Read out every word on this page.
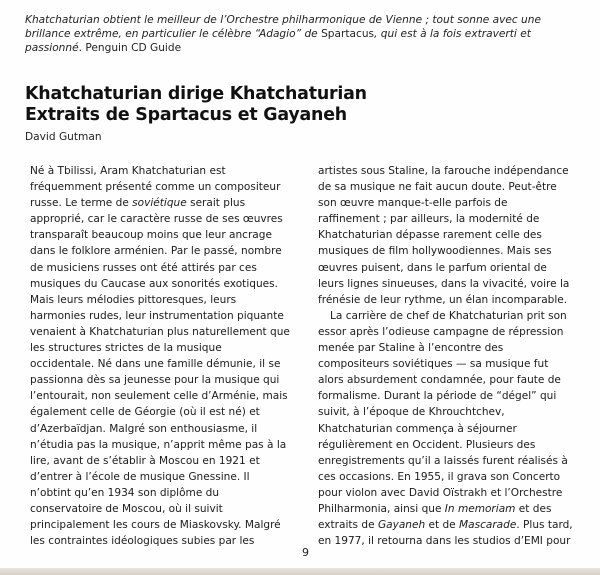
Khatchaturian obtient le meilleur de l’Orchestre philharmonique de Vienne ; tout sonne avec une
brillance extrême, en particulier le célèbre “Adagio” de Spartacus, qui est à la fois extraverti et
passionné. Penguin CD Guide
Khatchaturian dirige Khatchaturian
Extraits de Spartacus et Gayaneh
David Gutman
Né à Tbilissi, Aram Khatchaturian est
fréquemment présenté comme un compositeur
russe. Le terme de soviétique serait plus
approprié, car le caractère russe de ses œuvres
transparaît beaucoup moins que leur ancrage
dans le folklore arménien. Par le passé, nombre
de musiciens russes ont été attirés par ces
musiques du Caucase aux sonorités exotiques.
Mais leurs mélodies pittoresques, leurs
harmonies rudes, leur instrumentation piquante
venaient à Khatchaturian plus naturellement que
les structures strictes de la musique
occidentale. Né dans une famille démunie, il se
passionna dès sa jeunesse pour la musique qui
l’entourait, non seulement celle d’Arménie, mais
également celle de Géorgie (où il est né) et
d’Azerbaïdjan. Malgré son enthousiasme, il
n’étudia pas la musique, n’apprit même pas à la
lire, avant de s’établir à Moscou en 1921 et
d’entrer à l’école de musique Gnessine. Il
n’obtint qu’en 1934 son diplôme du
conservatoire de Moscou, où il suivit
principalement les cours de Miaskovsky. Malgré
les contraintes idéologiques subies par les
artistes sous Staline, la farouche indépendance
de sa musique ne fait aucun doute. Peut-être
son œuvre manque-t-elle parfois de
raffinement ; par ailleurs, la modernité de
Khatchaturian dépasse rarement celle des
musiques de film hollywoodiennes. Mais ses
œuvres puisent, dans le parfum oriental de
leurs lignes sinueuses, dans la vivacité, voire la
frénésie de leur rythme, un élan incomparable.
La carrière de chef de Khatchaturian prit son
essor après l’odieuse campagne de répression
menée par Staline à l’encontre des
compositeurs soviétiques — sa musique fut
alors absurdement condamnée, pour faute de
formalisme. Durant la période de “dégel” qui
suivit, à l’époque de Khrouchtchev,
Khatchaturian commença à séjourner
régulièrement en Occident. Plusieurs des
enregistrements qu’il a laissés furent réalisés à
ces occasions. En 1955, il grava son Concerto
pour violon avec David Oïstrakh et l’Orchestre
Philharmonia, ainsi que In memoriam et des
extraits de Gayaneh et de Mascarade. Plus tard,
en 1977, il retourna dans les studios d’EMI pour
9
